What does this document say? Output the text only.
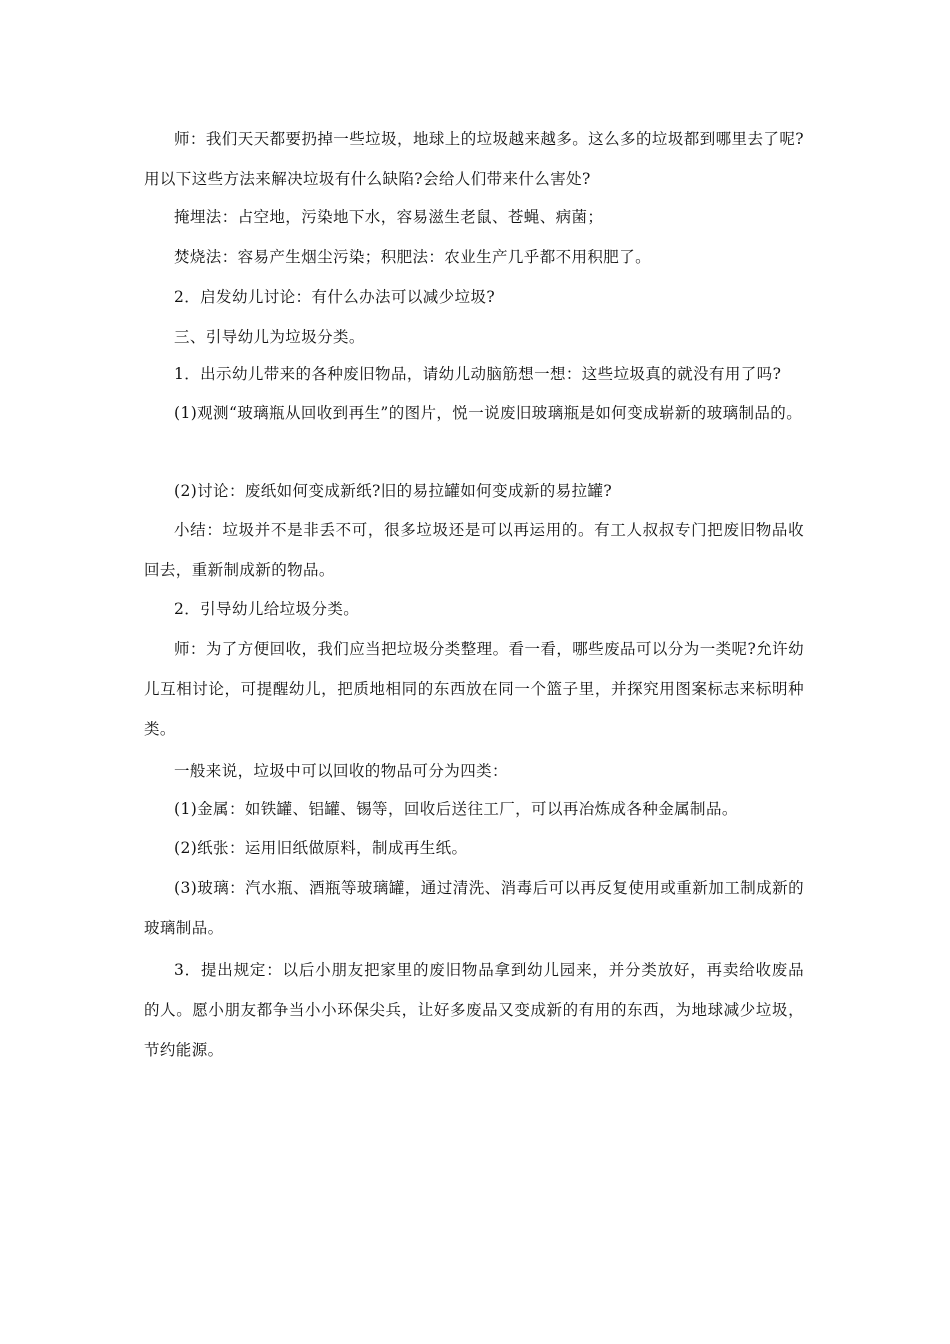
师：我们天天都要扔掉一些垃圾，地球上的垃圾越来越多。这么多的垃圾都到哪里去了呢?用以下这些方法来解决垃圾有什么缺陷?会给人们带来什么害处?

掩埋法：占空地，污染地下水，容易滋生老鼠、苍蝇、病菌；

焚烧法：容易产生烟尘污染；积肥法：农业生产几乎都不用积肥了。

2．启发幼儿讨论：有什么办法可以减少垃圾?

三、引导幼儿为垃圾分类。

1．出示幼儿带来的各种废旧物品，请幼儿动脑筋想一想：这些垃圾真的就没有用了吗?

(1)观测“玻璃瓶从回收到再生”的图片，悦一说废旧玻璃瓶是如何变成崭新的玻璃制品的。

(2)讨论：废纸如何变成新纸?旧的易拉罐如何变成新的易拉罐?

小结：垃圾并不是非丢不可，很多垃圾还是可以再运用的。有工人叔叔专门把废旧物品收回去，重新制成新的物品。

2．引导幼儿给垃圾分类。

师：为了方便回收，我们应当把垃圾分类整理。看一看，哪些废品可以分为一类呢?允许幼儿互相讨论，可提醒幼儿，把质地相同的东西放在同一个篮子里，并探究用图案标志来标明种类。

一般来说，垃圾中可以回收的物品可分为四类：

(1)金属：如铁罐、铝罐、锡等，回收后送往工厂，可以再冶炼成各种金属制品。

(2)纸张：运用旧纸做原料，制成再生纸。

(3)玻璃：汽水瓶、酒瓶等玻璃罐，通过清洗、消毒后可以再反复使用或重新加工制成新的玻璃制品。

3．提出规定：以后小朋友把家里的废旧物品拿到幼儿园来，并分类放好，再卖给收废品的人。愿小朋友都争当小小环保尖兵，让好多废品又变成新的有用的东西，为地球减少垃圾，节约能源。
